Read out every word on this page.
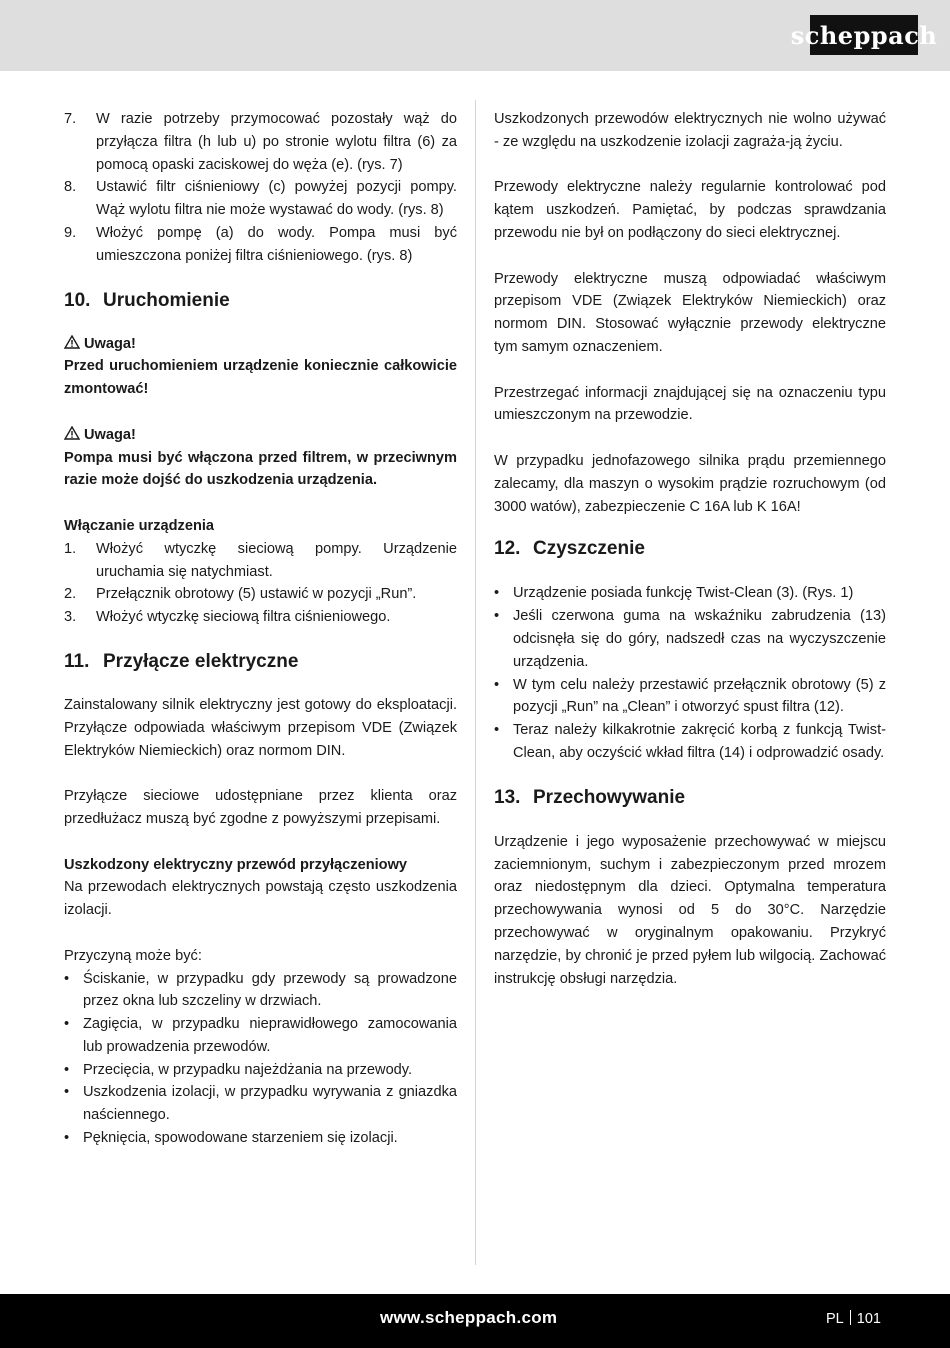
scheppach
7. W razie potrzeby przymocować pozostały wąż do przyłącza filtra (h lub u) po stronie wylotu filtra (6) za pomocą opaski zaciskowej do węża (e). (rys. 7)
8. Ustawić filtr ciśnieniowy (c) powyżej pozycji pompy. Wąż wylotu filtra nie może wystawać do wody. (rys. 8)
9. Włożyć pompę (a) do wody. Pompa musi być umieszczona poniżej filtra ciśnieniowego. (rys. 8)
10. Uruchomienie
Uwaga!

Przed uruchomieniem urządzenie koniecznie całkowicie zmontować!

Uwaga!

Pompa musi być włączona przed filtrem, w przeciwnym razie może dojść do uszkodzenia urządzenia.

Włączanie urządzenia
1. Włożyć wtyczkę sieciową pompy. Urządzenie uruchamia się natychmiast.
2. Przełącznik obrotowy (5) ustawić w pozycji „Run”.
3. Włożyć wtyczkę sieciową filtra ciśnieniowego.
11. Przyłącze elektryczne

Zainstalowany silnik elektryczny jest gotowy do eksploatacji. Przyłącze odpowiada właściwym przepisom VDE (Związek Elektryków Niemieckich) oraz normom DIN.

Przyłącze sieciowe udostępniane przez klienta oraz przedłużacz muszą być zgodne z powyższymi przepisami.

Uszkodzony elektryczny przewód przyłączeniowy

Na przewodach elektrycznych powstają często uszkodzenia izolacji.

Przyczyną może być:

• Ściskanie, w przypadku gdy przewody są prowadzone przez okna lub szczeliny w drzwiach.
• Zagięcia, w przypadku nieprawidłowego zamocowania lub prowadzenia przewodów.
• Przecięcia, w przypadku najeżdżania na przewody.
• Uszkodzenia izolacji, w przypadku wyrywania z gniazdka naściennego.
• Pęknięcia, spowodowane starzeniem się izolacji.

Uszkodzonych przewodów elektrycznych nie wolno używać - ze względu na uszkodzenie izolacji zagraża-ją życiu.

Przewody elektryczne należy regularnie kontrolować pod kątem uszkodzeń. Pamiętać, by podczas sprawdzania przewodu nie był on podłączony do sieci elektrycznej.

Przewody elektryczne muszą odpowiadać właściwym przepisom VDE (Związek Elektryków Niemieckich) oraz normom DIN. Stosować wyłącznie przewody elektryczne tym samym oznaczeniem.

Przestrzegać informacji znajdującej się na oznaczeniu typu umieszczonym na przewodzie.

W przypadku jednofazowego silnika prądu przemiennego zalecamy, dla maszyn o wysokim prądzie rozruchowym (od 3000 watów), zabezpieczenie C 16A lub K 16A!

12. Czyszczenie
• Urządzenie posiada funkcję Twist-Clean (3). (Rys. 1)
• Jeśli czerwona guma na wskaźniku zabrudzenia (13) odcisnęła się do góry, nadszedł czas na wyczyszczenie urządzenia.
• W tym celu należy przestawić przełącznik obrotowy (5) z pozycji „Run” na „Clean” i otworzyć spust filtra (12).
• Teraz należy kilkakrotnie zakręcić korbą z funkcją Twist-Clean, aby oczyścić wkład filtra (14) i odprowadzić osady.
13. Przechowywanie

Urządzenie i jego wyposażenie przechowywać w miejscu zaciemnionym, suchym i zabezpieczonym przed mrozem oraz niedostępnym dla dzieci. Optymalna temperatura przechowywania wynosi od 5 do 30°C. Narzędzie przechowywać w oryginalnym opakowaniu. Przykryć narzędzie, by chronić je przed pyłem lub wilgocią. Zachować instrukcję obsługi narzędzia.

www.scheppach.com	PL 101
